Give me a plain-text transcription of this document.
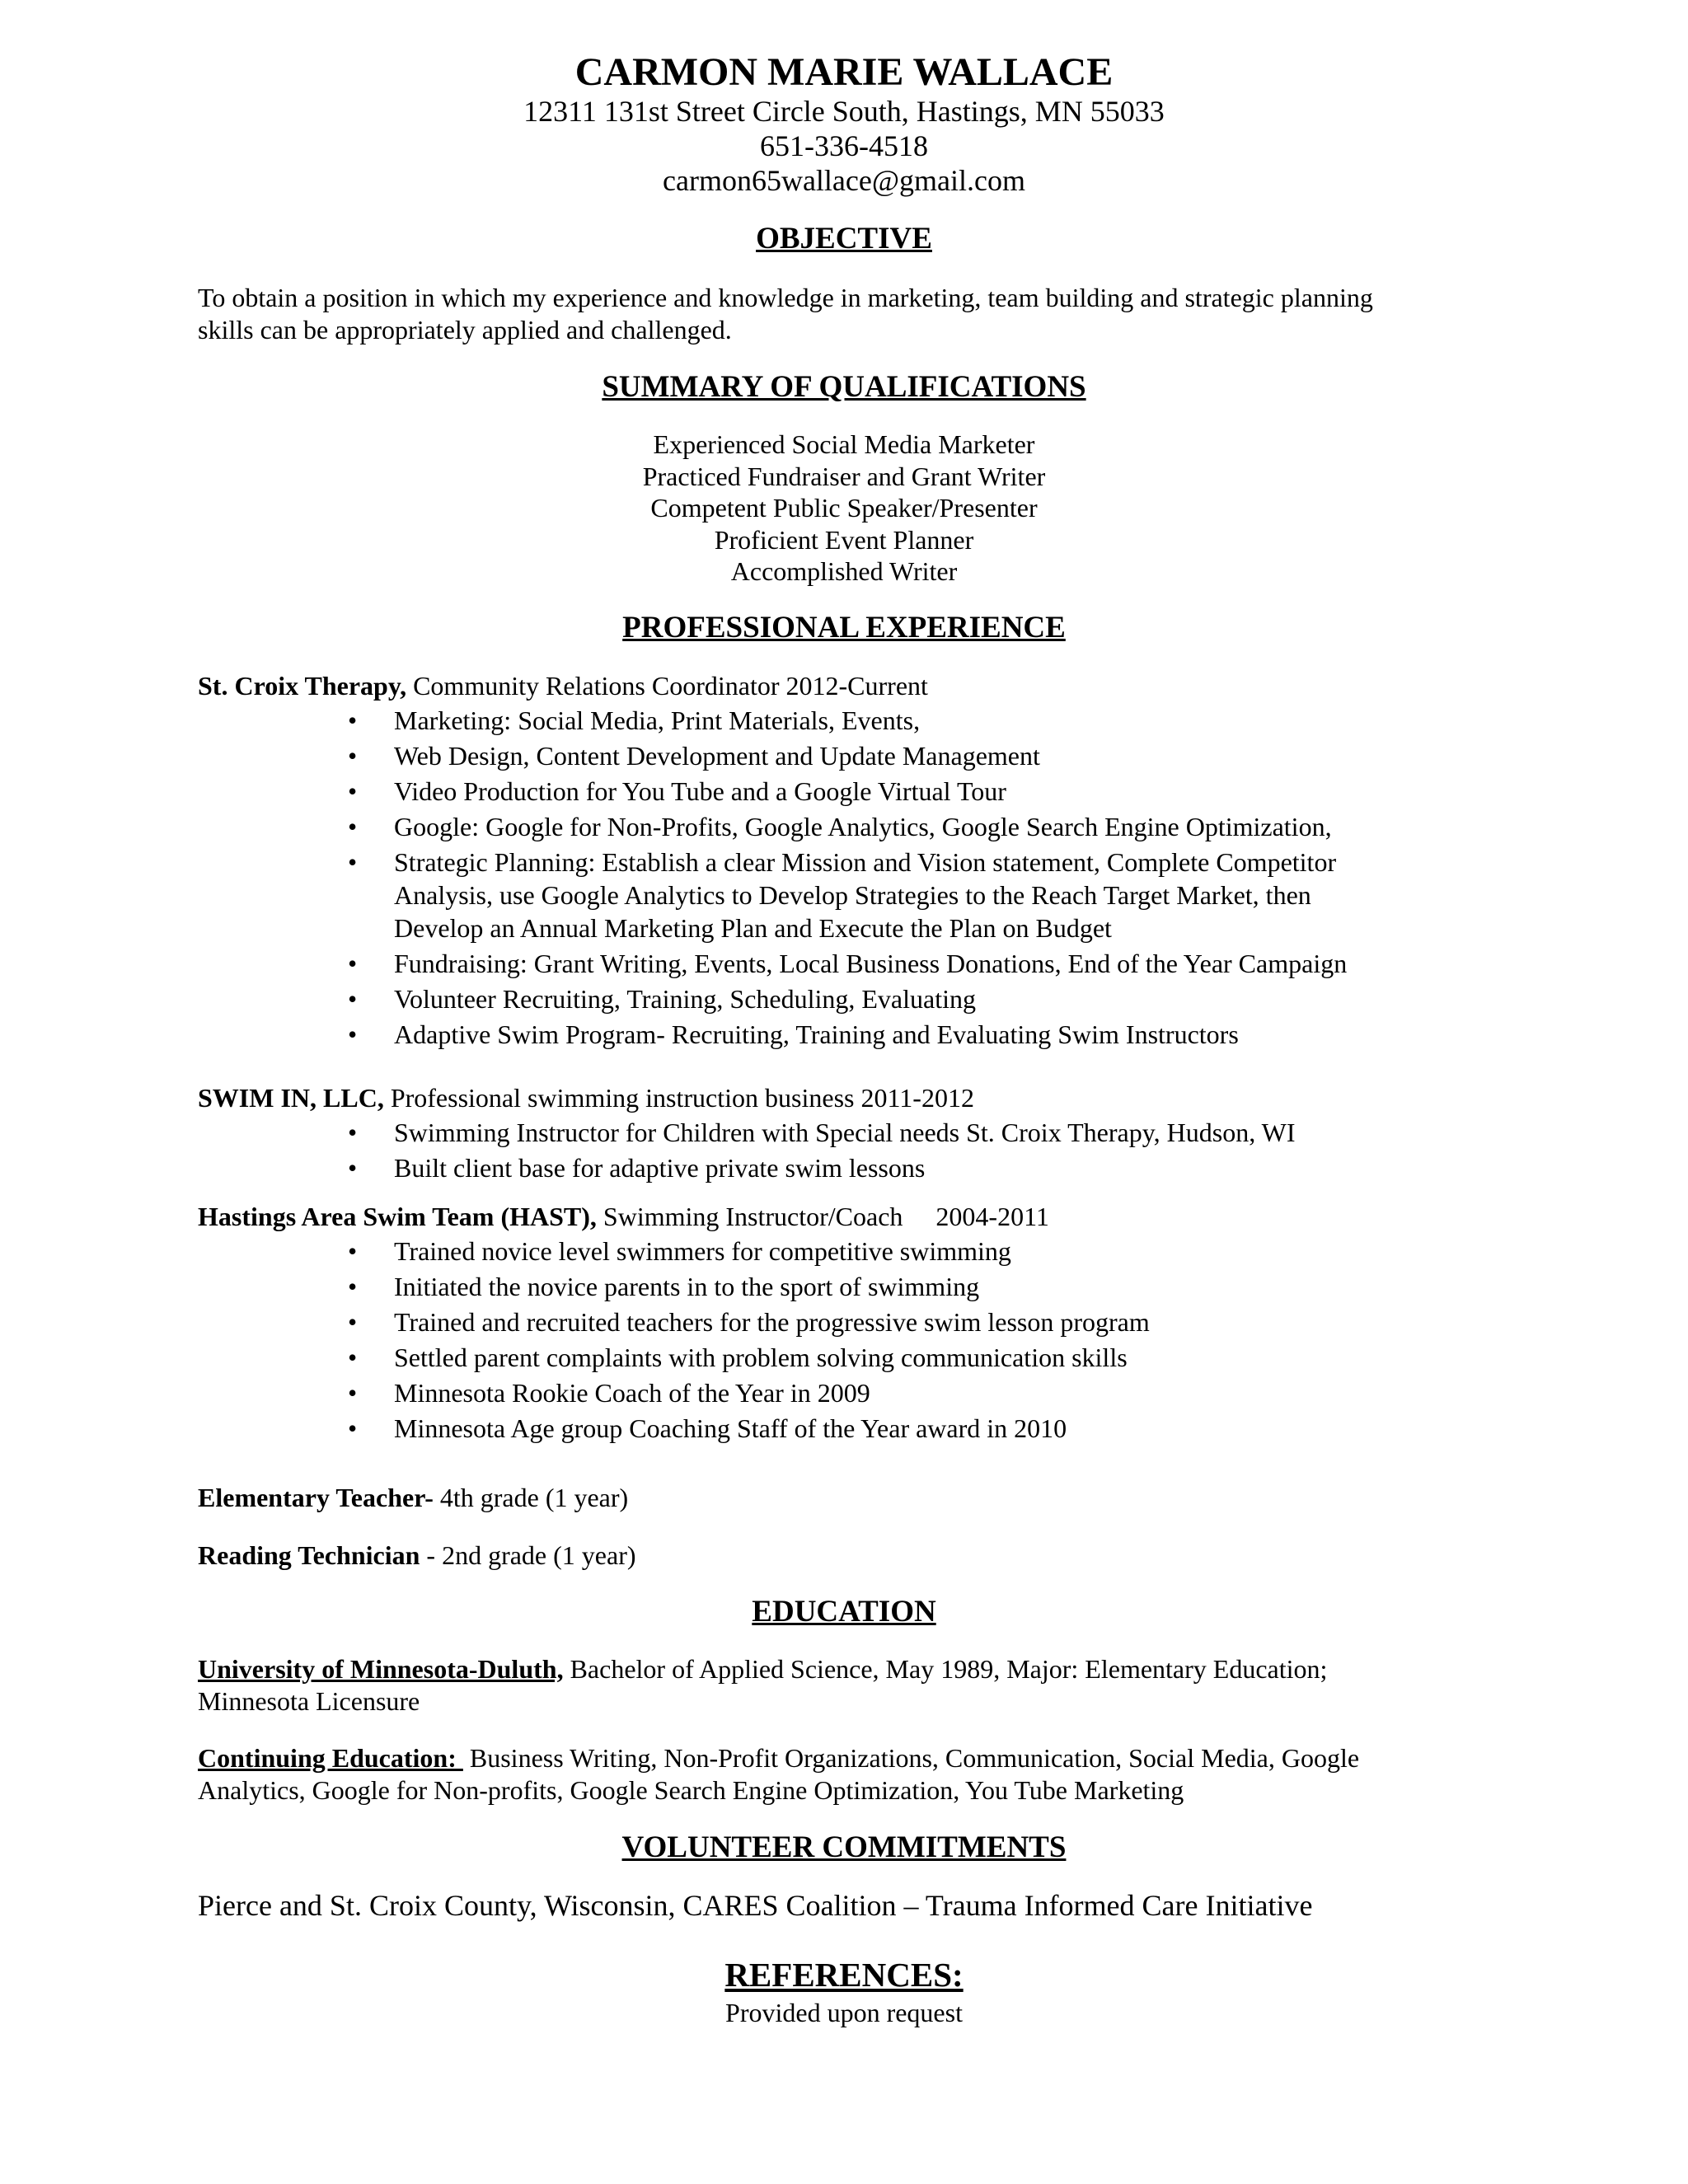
CARMON MARIE WALLACE
12311 131st Street Circle South, Hastings, MN 55033
651-336-4518
carmon65wallace@gmail.com
OBJECTIVE
To obtain a position in which my experience and knowledge in marketing, team building and strategic planning
skills can be appropriately applied and challenged.
SUMMARY OF QUALIFICATIONS
Experienced Social Media Marketer
Practiced Fundraiser and Grant Writer
Competent Public Speaker/Presenter
Proficient Event Planner
Accomplished Writer
PROFESSIONAL EXPERIENCE
St. Croix Therapy, Community Relations Coordinator 2012-Current
• Marketing: Social Media, Print Materials, Events,
• Web Design, Content Development and Update Management
• Video Production for You Tube and a Google Virtual Tour
• Google: Google for Non-Profits, Google Analytics, Google Search Engine Optimization,
• Strategic Planning: Establish a clear Mission and Vision statement, Complete Competitor Analysis, use Google Analytics to Develop Strategies to the Reach Target Market, then Develop an Annual Marketing Plan and Execute the Plan on Budget
• Fundraising: Grant Writing, Events, Local Business Donations, End of the Year Campaign
• Volunteer Recruiting, Training, Scheduling, Evaluating
• Adaptive Swim Program- Recruiting, Training and Evaluating Swim Instructors
SWIM IN, LLC, Professional swimming instruction business 2011-2012
• Swimming Instructor for Children with Special needs St. Croix Therapy, Hudson, WI
• Built client base for adaptive private swim lessons
Hastings Area Swim Team (HAST), Swimming Instructor/Coach     2004-2011
• Trained novice level swimmers for competitive swimming
• Initiated the novice parents in to the sport of swimming
• Trained and recruited teachers for the progressive swim lesson program
• Settled parent complaints with problem solving communication skills
• Minnesota Rookie Coach of the Year in 2009
• Minnesota Age group Coaching Staff of the Year award in 2010
Elementary Teacher- 4th grade (1 year)
Reading Technician - 2nd grade (1 year)
EDUCATION
University of Minnesota-Duluth, Bachelor of Applied Science, May 1989, Major: Elementary Education;
Minnesota Licensure
Continuing Education:  Business Writing, Non-Profit Organizations, Communication, Social Media, Google
Analytics, Google for Non-profits, Google Search Engine Optimization, You Tube Marketing
VOLUNTEER COMMITMENTS
Pierce and St. Croix County, Wisconsin, CARES Coalition – Trauma Informed Care Initiative
REFERENCES:
Provided upon request
